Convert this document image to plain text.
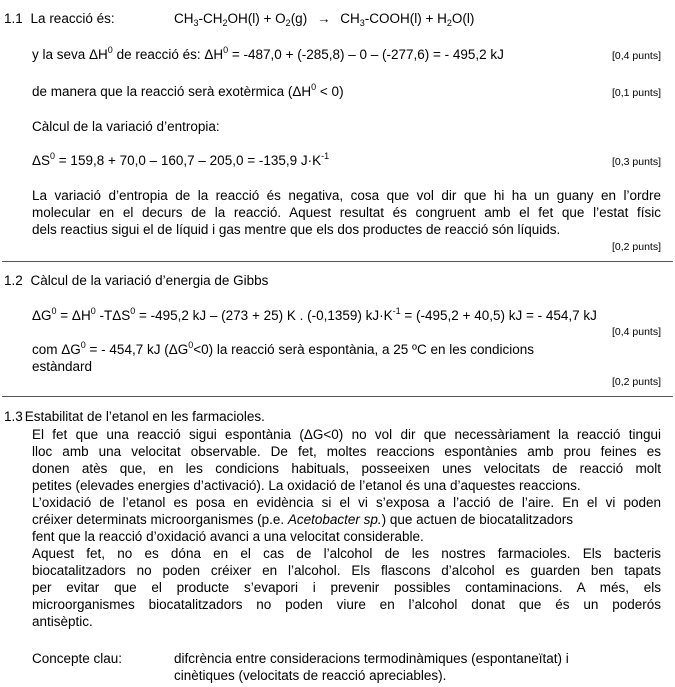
1.1 La reacció és:	$CH_3-CH_2OH(l) + O_2(g)$ → $CH_3-COOH(l) + H_2O(l)$
y la seva $\Delta H^0$ de reacció és: $\Delta H^0 = -487,0 + (-285,8) - 0 - (-277,6)$ = - 495,2 kJ	[0,4 punts]
de manera que la reacció serà exotèrmica $(\Delta H^0 < 0)$	[0,1 punts]
Càlcul de la variació d’entropia:
$\Delta S^0 = 159,8 + 70,0 - 160,7 - 205,0 = -135,9$ $J\cdot K^{-1}$	[0,3 punts]
La variació d’entropia de la reacció és negativa, cosa que vol dir que hi ha un guany en l’ordre
molecular en el decurs de la reacció. Aquest resultat és congruent amb el fet que l’estat físic
dels reactius sigui el de líquid i gas mentre que els dos productes de reacció són líquids.
[0,2 punts]
1.2 Càlcul de la variació d’energia de Gibbs
$\Delta G^0 = \Delta H^0$ $-T\Delta S^0 = -495,2$ kJ – (273 + 25) K . (-0,1359) $kJ\cdot K^{-1} = (-495,2 + 40,5)$ kJ = - 454,7 kJ
[0,4 punts]
com $\Delta G^0$ = - 454,7 kJ $(\Delta G^0<0)$ la reacció serà espontània, a 25 ºC en les condicions
estàndard
[0,2 punts]
1.3 Estabilitat de l’etanol en les farmacioles.
El fet que una reacció sigui espontània (ΔG<0) no vol dir que necessàriament la reacció tingui
lloc amb una velocitat observable. De fet, moltes reaccions espontànies amb prou feines es
donen atès que, en les condicions habituals, posseeixen unes velocitats de reacció molt
petites (elevades energies d’activació). La oxidació de l’etanol és una d’aquestes reaccions.
L’oxidació de l’etanol es posa en evidència si el vi s’exposa a l’acció de l’aire. En el vi poden
créixer determinats microorganismes (p.e. Acetobacter sp.) que actuen de biocatalitzadors
fent que la reacció d’oxidació avanci a una velocitat considerable.
Aquest fet, no es dóna en el cas de l’alcohol de les nostres farmacioles. Els bacteris
biocatalitzadors no poden créixer en l’alcohol. Els flascons d’alcohol es guarden ben tapats
per evitar que el producte s’evapori i prevenir possibles contaminacions. A més, els
microorganismes biocatalitzadors no poden viure en l’alcohol donat que és un poderós
antisèptic.
Concepte clau:	difcrència entre consideracions termodinàmiques (espontaneïtat) i
cinètiques (velocitats de reacció apreciables).
